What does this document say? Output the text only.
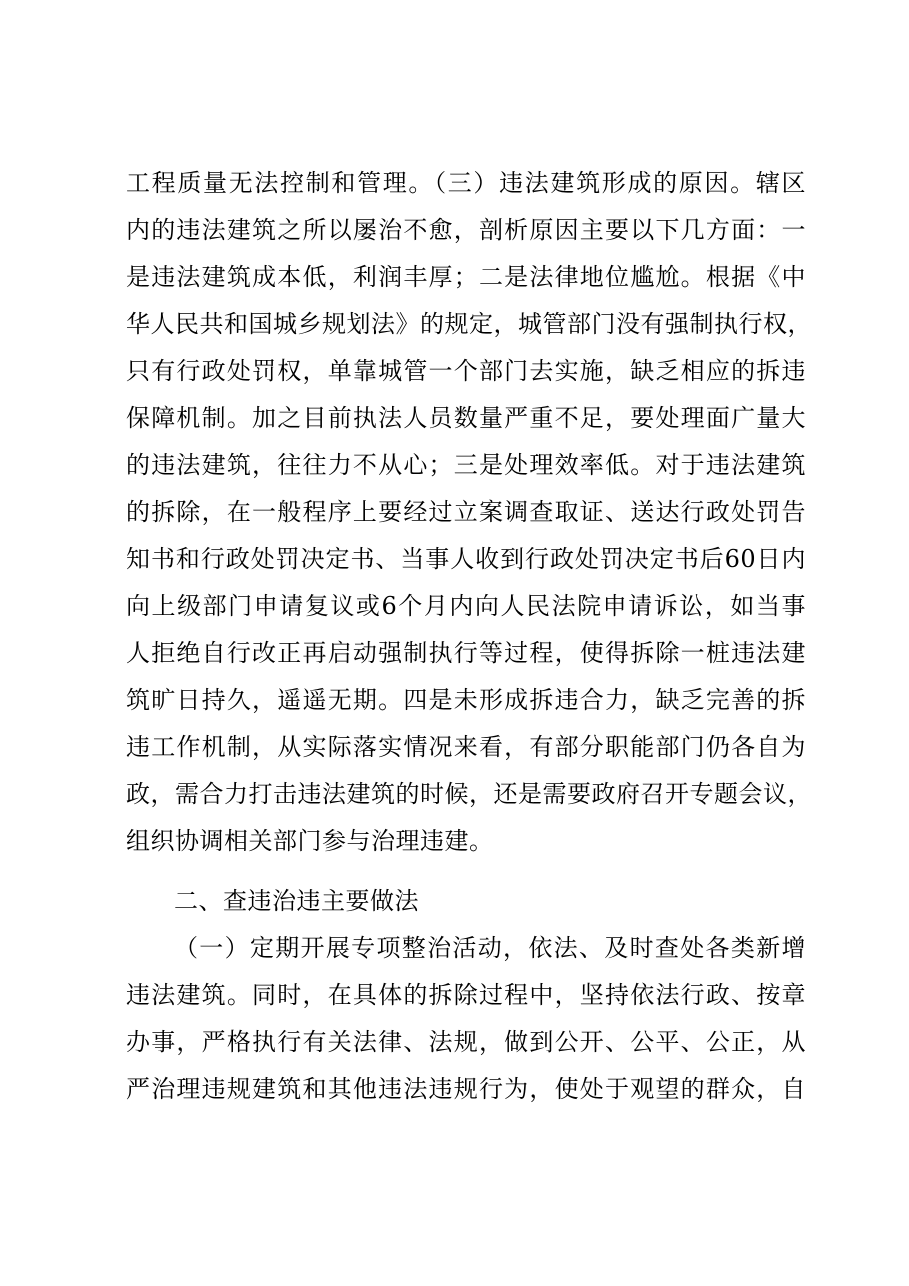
工程质量无法控制和管理。（三）违法建筑形成的原因。辖区
内的违法建筑之所以屡治不愈，剖析原因主要以下几方面：一
是违法建筑成本低，利润丰厚；二是法律地位尴尬。根据《中
华人民共和国城乡规划法》的规定，城管部门没有强制执行权，
只有行政处罚权，单靠城管一个部门去实施，缺乏相应的拆违
保障机制。加之目前执法人员数量严重不足，要处理面广量大
的违法建筑，往往力不从心；三是处理效率低。对于违法建筑
的拆除，在一般程序上要经过立案调查取证、送达行政处罚告
知书和行政处罚决定书、当事人收到行政处罚决定书后60日内
向上级部门申请复议或6个月内向人民法院申请诉讼，如当事
人拒绝自行改正再启动强制执行等过程，使得拆除一桩违法建
筑旷日持久，遥遥无期。四是未形成拆违合力，缺乏完善的拆
违工作机制，从实际落实情况来看，有部分职能部门仍各自为
政，需合力打击违法建筑的时候，还是需要政府召开专题会议，
组织协调相关部门参与治理违建。
二、查违治违主要做法
（一）定期开展专项整治活动，依法、及时查处各类新增
违法建筑。同时，在具体的拆除过程中，坚持依法行政、按章
办事，严格执行有关法律、法规，做到公开、公平、公正，从
严治理违规建筑和其他违法违规行为，使处于观望的群众，自
